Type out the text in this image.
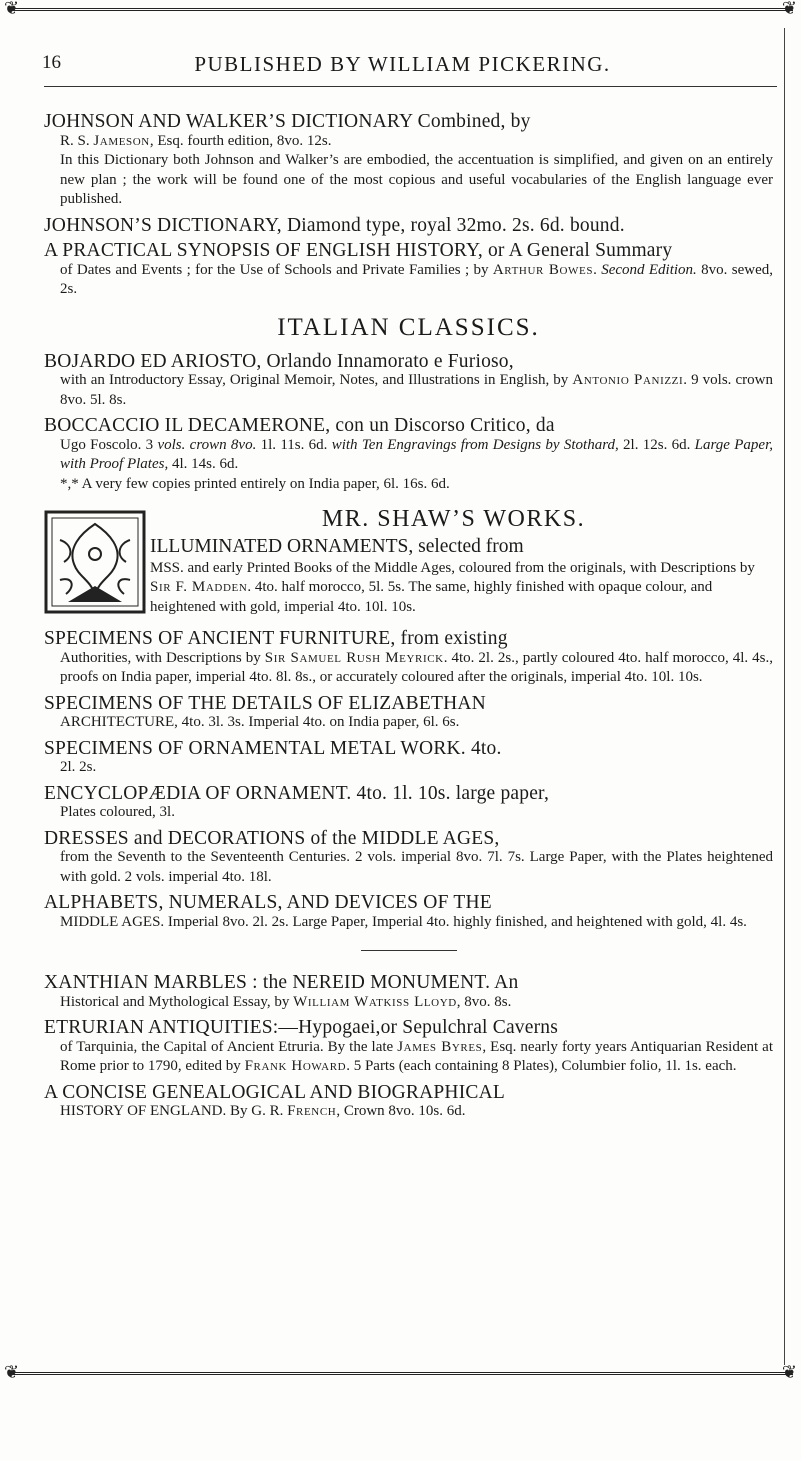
❦	❦
16	PUBLISHED BY WILLIAM PICKERING.
JOHNSON AND WALKER’S DICTIONARY Combined, by
R. S. Jameson, Esq. fourth edition, 8vo. 12s.
In this Dictionary both Johnson and Walker’s are embodied, the accentuation is simplified, and given on an entirely new plan ; the work will be found one of the most copious and useful vocabularies of the English language ever published.
JOHNSON’S DICTIONARY, Diamond type, royal 32mo. 2s. 6d. bound.
A PRACTICAL SYNOPSIS OF ENGLISH HISTORY, or A General Summary
of Dates and Events ; for the Use of Schools and Private Families ; by Arthur Bowes. Second Edition. 8vo. sewed, 2s.
ITALIAN CLASSICS.
BOJARDO ED ARIOSTO, Orlando Innamorato e Furioso,
with an Introductory Essay, Original Memoir, Notes, and Illustrations in English, by Antonio Panizzi. 9 vols. crown 8vo. 5l. 8s.
BOCCACCIO IL DECAMERONE, con un Discorso Critico, da
Ugo Foscolo. 3 vols. crown 8vo. 1l. 11s. 6d. with Ten Engravings from Designs by Stothard, 2l. 12s. 6d. Large Paper, with Proof Plates, 4l. 14s. 6d.
*,* A very few copies printed entirely on India paper, 6l. 16s. 6d.
MR. SHAW’S WORKS.
ILLUMINATED ORNAMENTS, selected from
MSS. and early Printed Books of the Middle Ages, coloured from the originals, with Descriptions by Sir F. Madden. 4to. half morocco, 5l. 5s. The same, highly finished with opaque colour, and heightened with gold, imperial 4to. 10l. 10s.
SPECIMENS OF ANCIENT FURNITURE, from existing
Authorities, with Descriptions by Sir Samuel Rush Meyrick. 4to. 2l. 2s., partly coloured 4to. half morocco, 4l. 4s., proofs on India paper, imperial 4to. 8l. 8s., or accurately coloured after the originals, imperial 4to. 10l. 10s.
SPECIMENS OF THE DETAILS OF ELIZABETHAN
ARCHITECTURE, 4to. 3l. 3s. Imperial 4to. on India paper, 6l. 6s.
SPECIMENS OF ORNAMENTAL METAL WORK. 4to.
2l. 2s.
ENCYCLOPÆDIA OF ORNAMENT. 4to. 1l. 10s. large paper,
Plates coloured, 3l.
DRESSES and DECORATIONS of the MIDDLE AGES,
from the Seventh to the Seventeenth Centuries. 2 vols. imperial 8vo. 7l. 7s. Large Paper, with the Plates heightened with gold. 2 vols. imperial 4to. 18l.
ALPHABETS, NUMERALS, AND DEVICES OF THE
MIDDLE AGES. Imperial 8vo. 2l. 2s. Large Paper, Imperial 4to. highly finished, and heightened with gold, 4l. 4s.
XANTHIAN MARBLES : the NEREID MONUMENT. An
Historical and Mythological Essay, by William Watkiss Lloyd, 8vo. 8s.
ETRURIAN ANTIQUITIES:—Hypogaei,or Sepulchral Caverns
of Tarquinia, the Capital of Ancient Etruria. By the late James Byres, Esq. nearly forty years Antiquarian Resident at Rome prior to 1790, edited by Frank Howard. 5 Parts (each containing 8 Plates), Columbier folio, 1l. 1s. each.
A CONCISE GENEALOGICAL AND BIOGRAPHICAL
HISTORY OF ENGLAND. By G. R. French, Crown 8vo. 10s. 6d.
❦	❦
